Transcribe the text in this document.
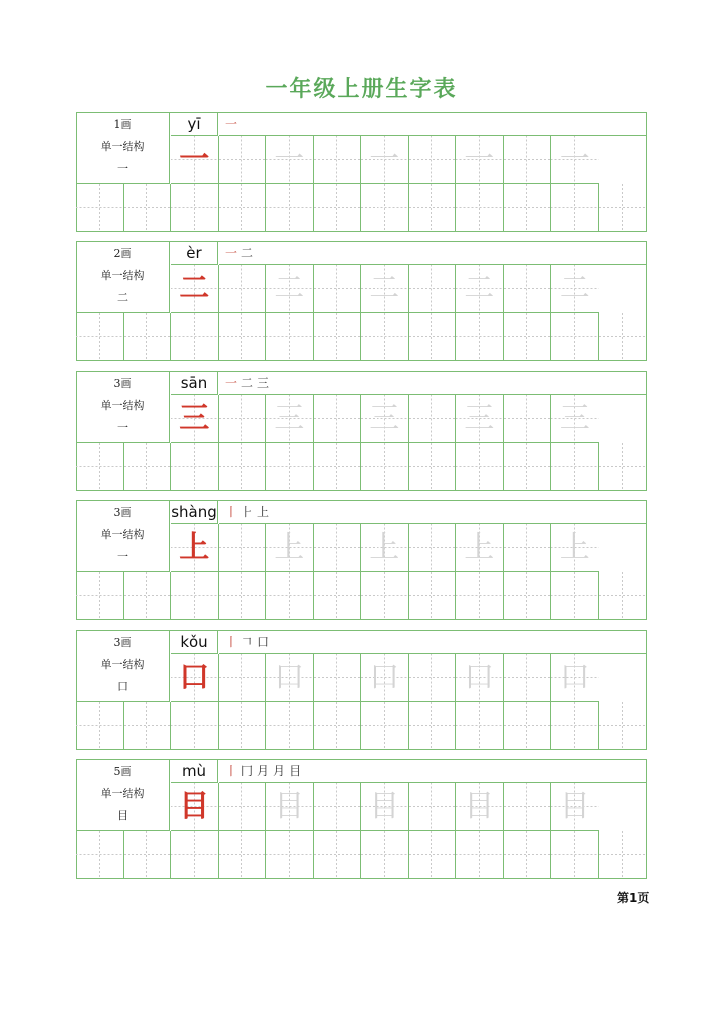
一年级上册生字表
1画
单一结构
一
yī	一
一 一 一 一 一
2画
单一结构
二
èr	一 二
二 二 二 二 二
3画
单一结构
一
sān	一 二 三
三 三 三 三 三
3画
单一结构
一
shàng 丨 ⺊ 上
上 上 上 上 上
3画
单一结构
口
kǒu	丨 𠃍 口
口 口 口 口 口
5画
单一结构
目
mù	丨 冂 月 月 目
目 目 目 目 目
第1页
